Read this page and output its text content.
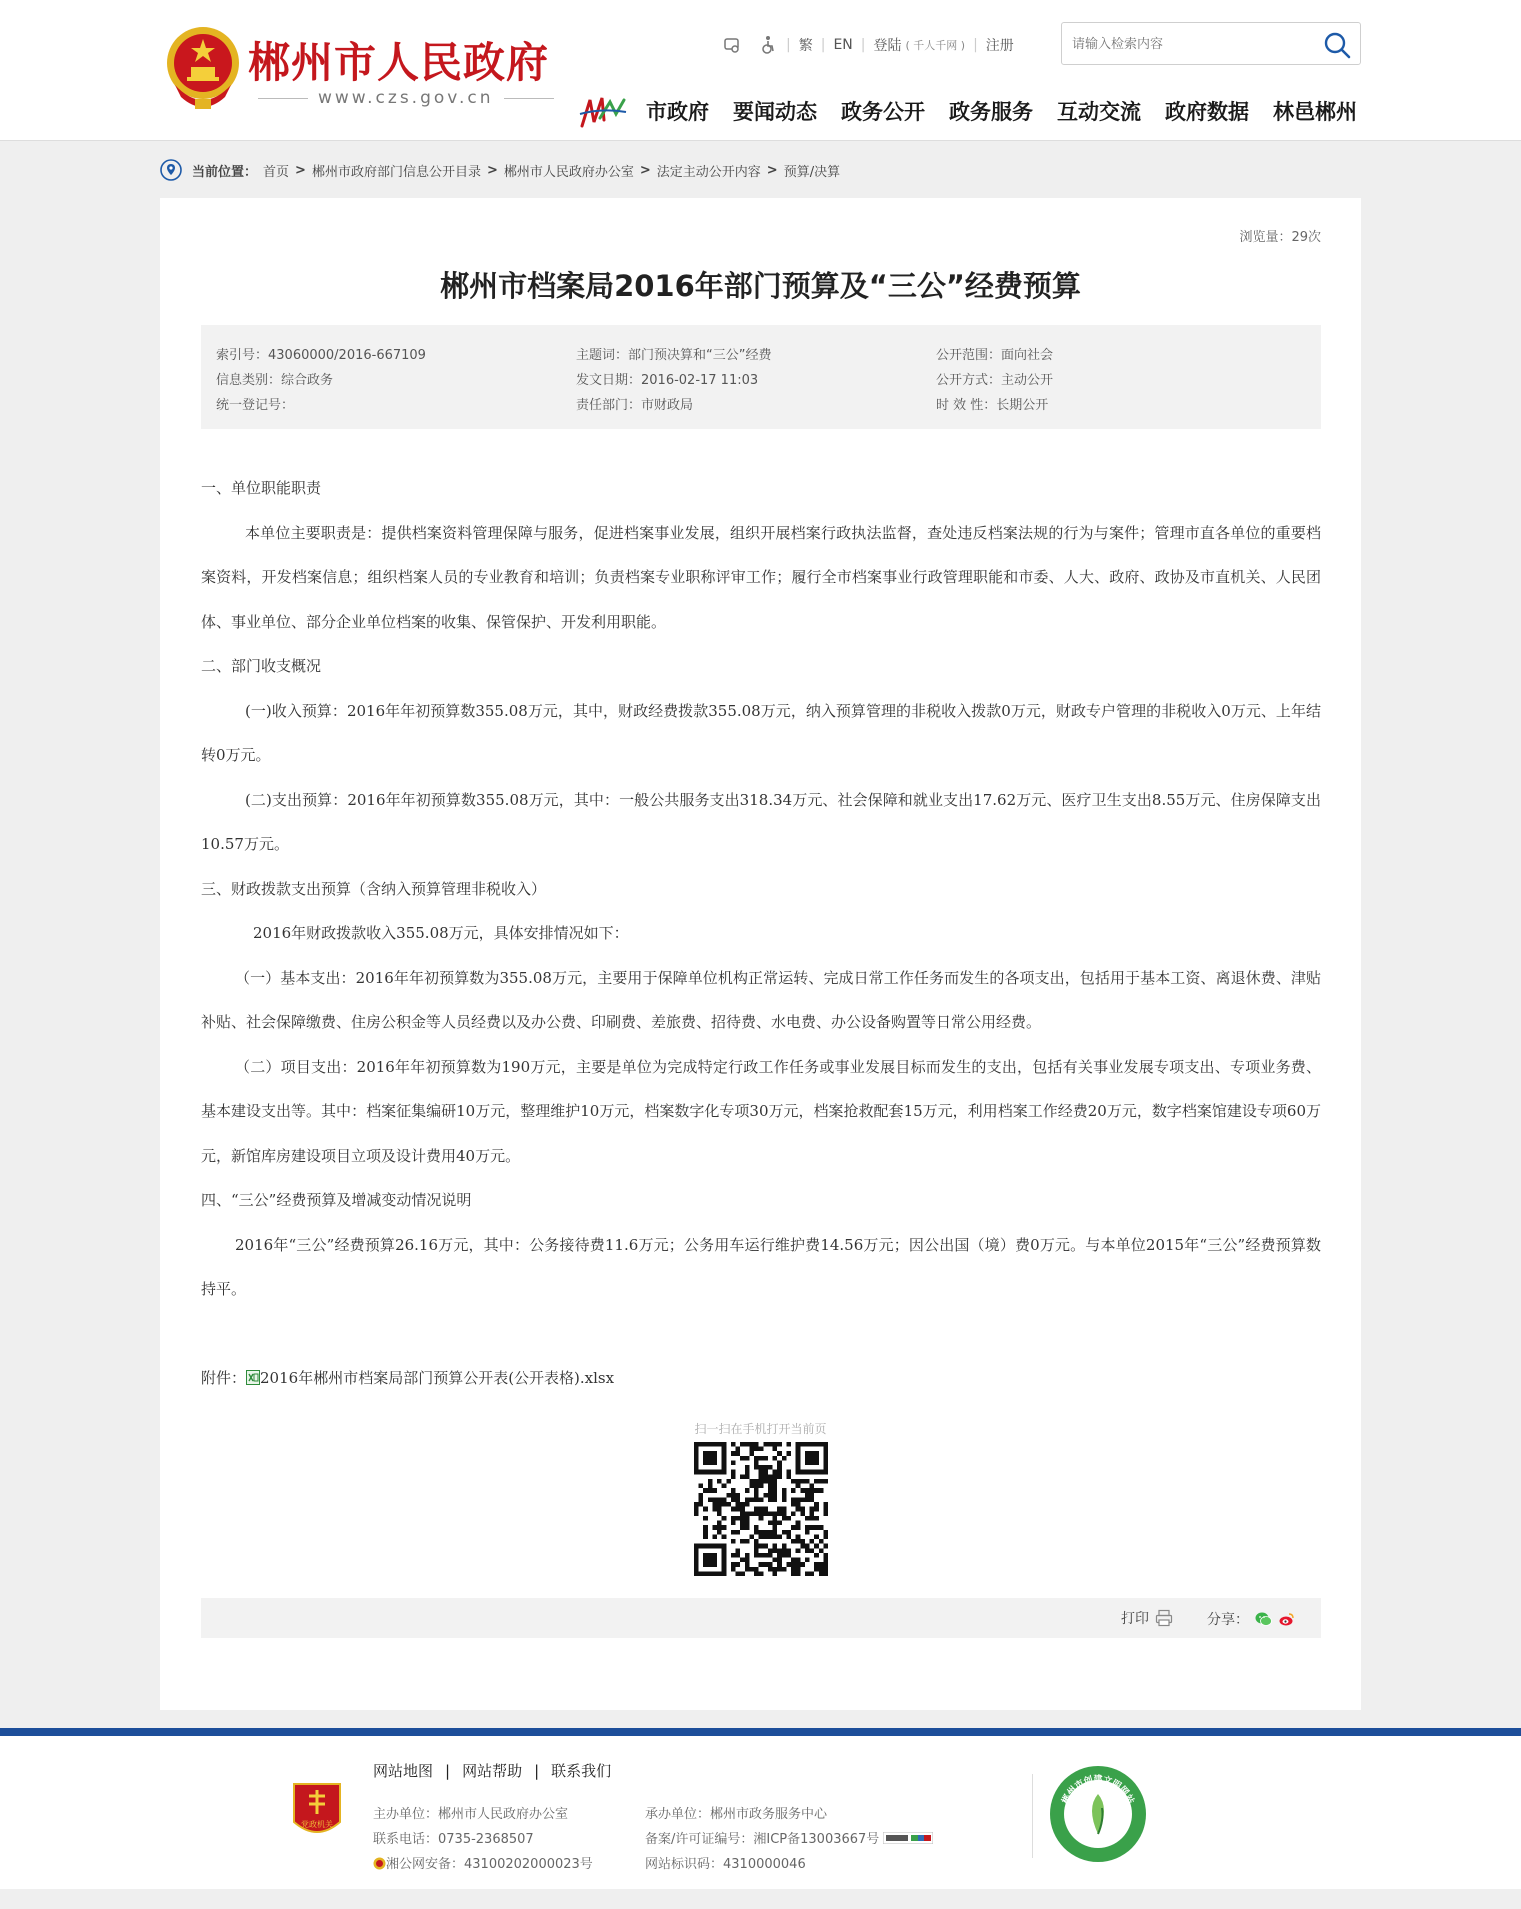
郴州市人民政府
www.czs.gov.cn
| 繁 | EN | 登陆 ( 千人千网 ) | 注册
请输入检索内容
市政府 要闻动态 政务公开 政务服务 互动交流 政府数据 林邑郴州
当前位置： 首页 > 郴州市政府部门信息公开目录 > 郴州市人民政府办公室 > 法定主动公开内容 > 预算/决算
浏览量：29次
郴州市档案局2016年部门预算及“三公”经费预算
索引号：43060000/2016-667109
信息类别：综合政务
统一登记号：
主题词：部门预决算和“三公”经费
发文日期：2016-02-17 11:03
责任部门：市财政局
公开范围：面向社会
公开方式：主动公开
时 效 性：长期公开

一、单位职能职责

本单位主要职责是：提供档案资料管理保障与服务，促进档案事业发展，组织开展档案行政执法监督，查处违反档案法规的行为与案件；管理市直各单位的重要档案资料，开发档案信息；组织档案人员的专业教育和培训；负责档案专业职称评审工作；履行全市档案事业行政管理职能和市委、人大、政府、政协及市直机关、人民团体、事业单位、部分企业单位档案的收集、保管保护、开发利用职能。

二、部门收支概况

(一)收入预算：2016年年初预算数355.08万元，其中，财政经费拨款355.08万元，纳入预算管理的非税收入拨款0万元，财政专户管理的非税收入0万元、上年结转0万元。

(二)支出预算：2016年年初预算数355.08万元，其中：一般公共服务支出318.34万元、社会保障和就业支出17.62万元、医疗卫生支出8.55万元、住房保障支出10.57万元。

三、财政拨款支出预算（含纳入预算管理非税收入）

2016年财政拨款收入355.08万元，具体安排情况如下：

（一）基本支出：2016年年初预算数为355.08万元，主要用于保障单位机构正常运转、完成日常工作任务而发生的各项支出，包括用于基本工资、离退休费、津贴补贴、社会保障缴费、住房公积金等人员经费以及办公费、印刷费、差旅费、招待费、水电费、办公设备购置等日常公用经费。

（二）项目支出：2016年年初预算数为190万元，主要是单位为完成特定行政工作任务或事业发展目标而发生的支出，包括有关事业发展专项支出、专项业务费、基本建设支出等。其中：档案征集编研10万元，整理维护10万元，档案数字化专项30万元，档案抢救配套15万元，利用档案工作经费20万元，数字档案馆建设专项60万元，新馆库房建设项目立项及设计费用40万元。

四、“三公”经费预算及增减变动情况说明

2016年“三公”经费预算26.16万元，其中：公务接待费11.6万元；公务用车运行维护费14.56万元；因公出国（境）费0万元。与本单位2015年“三公”经费预算数持平。

附件： 2016年郴州市档案局部门预算公开表(公开表格).xlsx

扫一扫在手机打开当前页
打印	分享：
党政机关
网站地图 | 网站帮助 | 联系我们
主办单位：郴州市人民政府办公室
联系电话：0735-2368507
湘公网安备：43100202000023号
承办单位：郴州市政务服务中心
备案/许可证编号：湘ICP备13003667号
网站标识码：4310000046
郴州市创建文明网站
